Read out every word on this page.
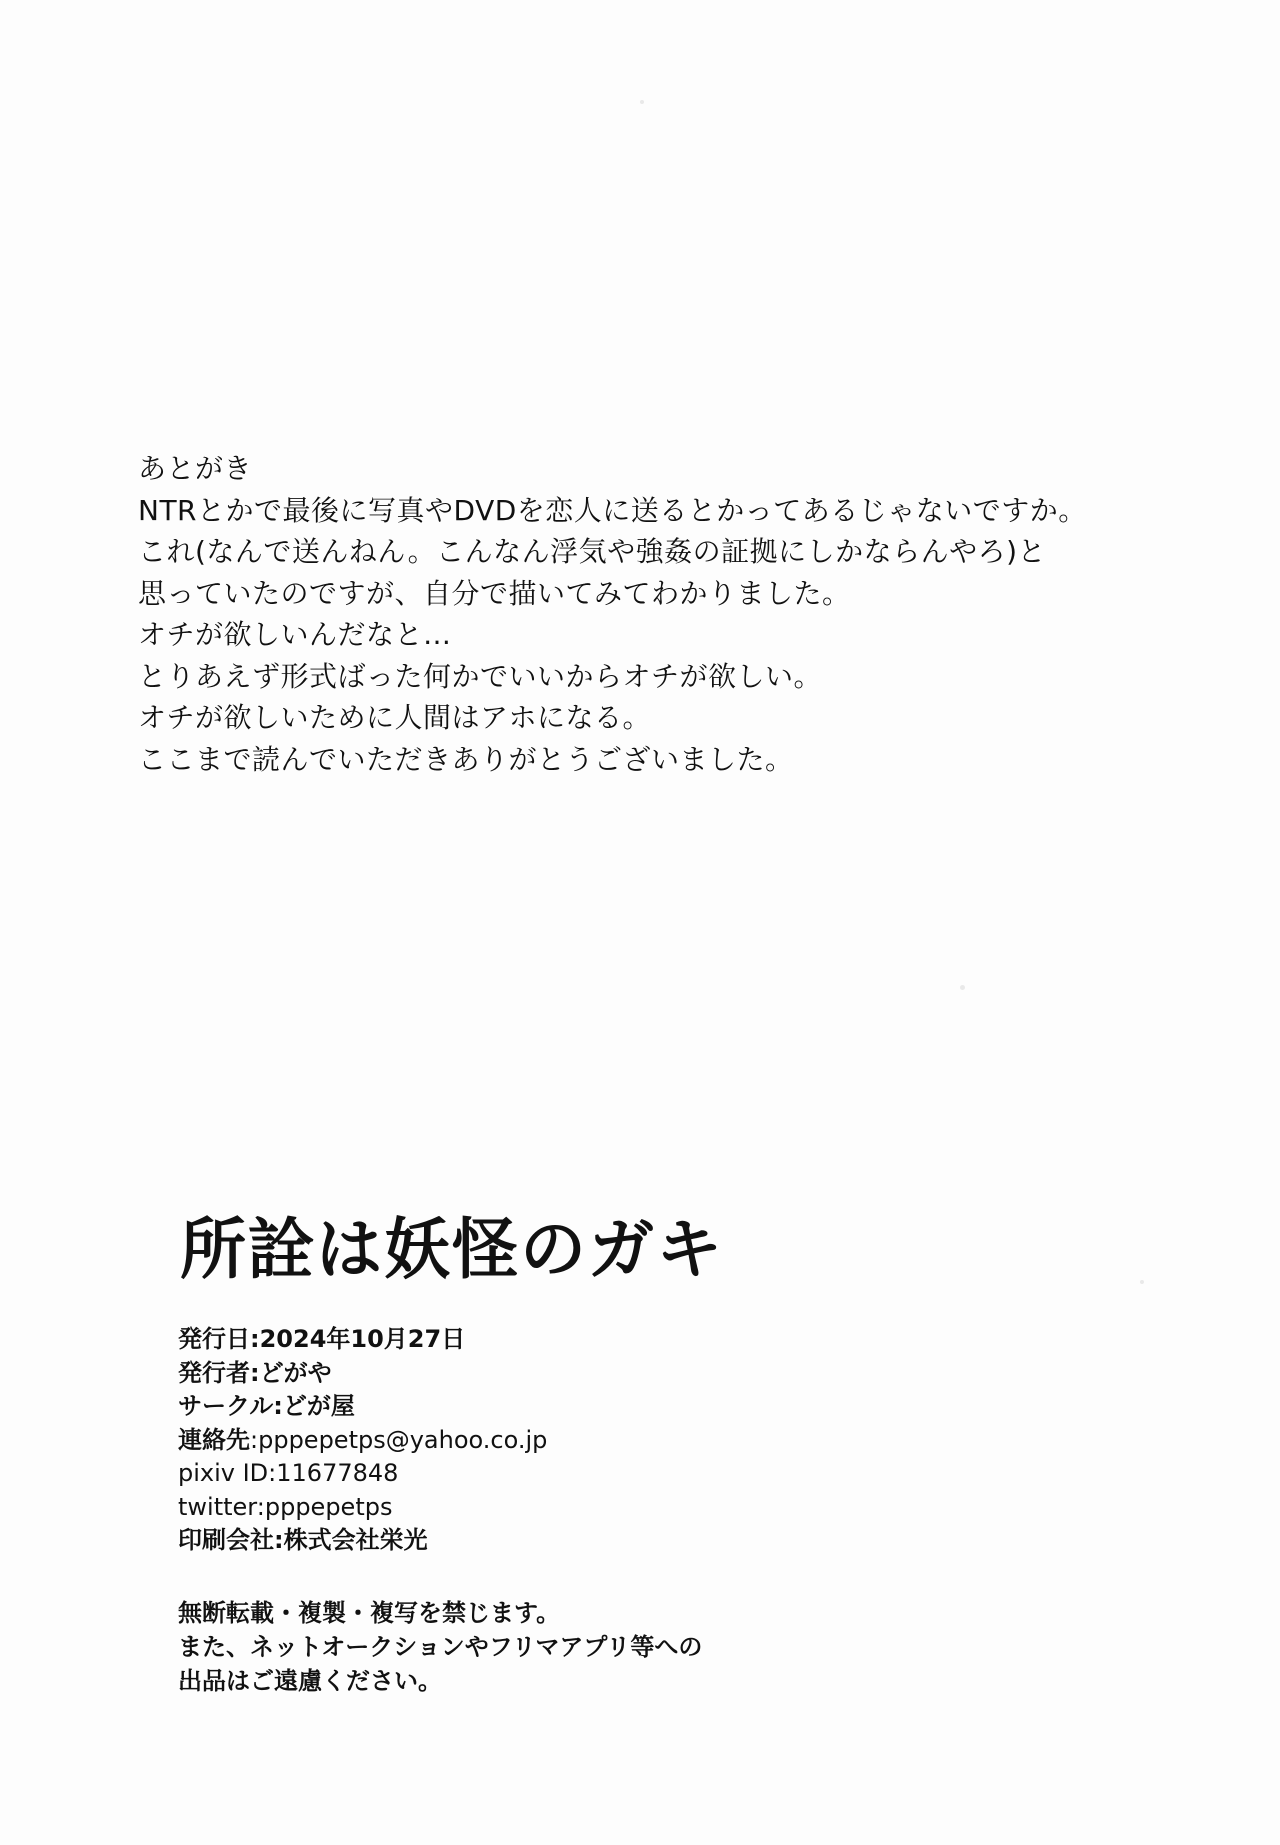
あとがき
NTRとかで最後に写真やDVDを恋人に送るとかってあるじゃないですか。
これ(なんで送んねん。こんなん浮気や強姦の証拠にしかならんやろ)と
思っていたのですが、自分で描いてみてわかりました。
オチが欲しいんだなと…
とりあえず形式ばった何かでいいからオチが欲しい。
オチが欲しいために人間はアホになる。
ここまで読んでいただきありがとうございました。
所詮は妖怪のガキ
発行日:2024年10月27日
発行者:どがや
サークル:どが屋
連絡先:pppepetps@yahoo.co.jp
pixiv ID:11677848
twitter:pppepetps
印刷会社:株式会社栄光
無断転載・複製・複写を禁じます。
また、ネットオークションやフリマアプリ等への
出品はご遠慮ください。
